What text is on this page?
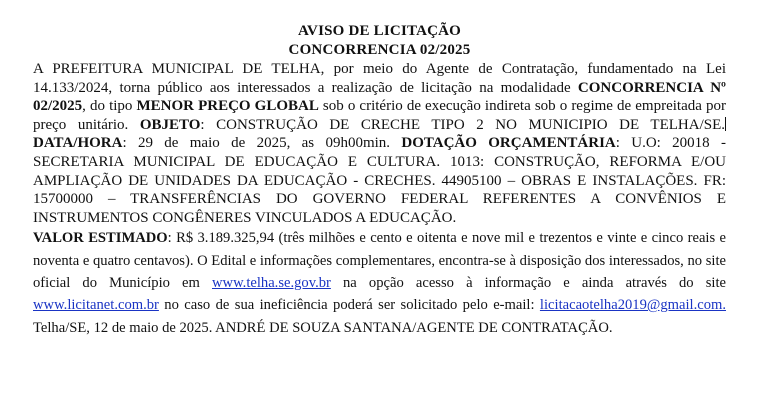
AVISO DE LICITAÇÃO
CONCORRENCIA 02/2025

A PREFEITURA MUNICIPAL DE TELHA, por meio do Agente de Contratação, fundamentado na Lei 14.133/2024, torna público aos interessados a realização de licitação na modalidade CONCORRENCIA Nº 02/2025, do tipo MENOR PREÇO GLOBAL sob o critério de execução indireta sob o regime de empreitada por preço unitário. OBJETO: CONSTRUÇÃO DE CRECHE TIPO 2 NO MUNICIPIO DE TELHA/SE. DATA/HORA: 29 de maio de 2025, as 09h00min. DOTAÇÃO ORÇAMENTÁRIA: U.O: 20018 - SECRETARIA MUNICIPAL DE EDUCAÇÃO E CULTURA. 1013: CONSTRUÇÃO, REFORMA E/OU AMPLIAÇÃO DE UNIDADES DA EDUCAÇÃO - CRECHES. 44905100 – OBRAS E INSTALAÇÕES. FR: 15700000 – TRANSFERÊNCIAS DO GOVERNO FEDERAL REFERENTES A CONVÊNIOS E INSTRUMENTOS CONGÊNERES VINCULADOS A EDUCAÇÃO.

VALOR ESTIMADO: R$ 3.189.325,94 (três milhões e cento e oitenta e nove mil e trezentos e vinte e cinco reais e noventa e quatro centavos). O Edital e informações complementares, encontra-se à disposição dos interessados, no site oficial do Município em www.telha.se.gov.br na opção acesso à informação e ainda através do site www.licitanet.com.br no caso de sua ineficiência poderá ser solicitado pelo e-mail: licitacaotelha2019@gmail.com. Telha/SE, 12 de maio de 2025. ANDRÉ DE SOUZA SANTANA/AGENTE DE CONTRATAÇÃO.
